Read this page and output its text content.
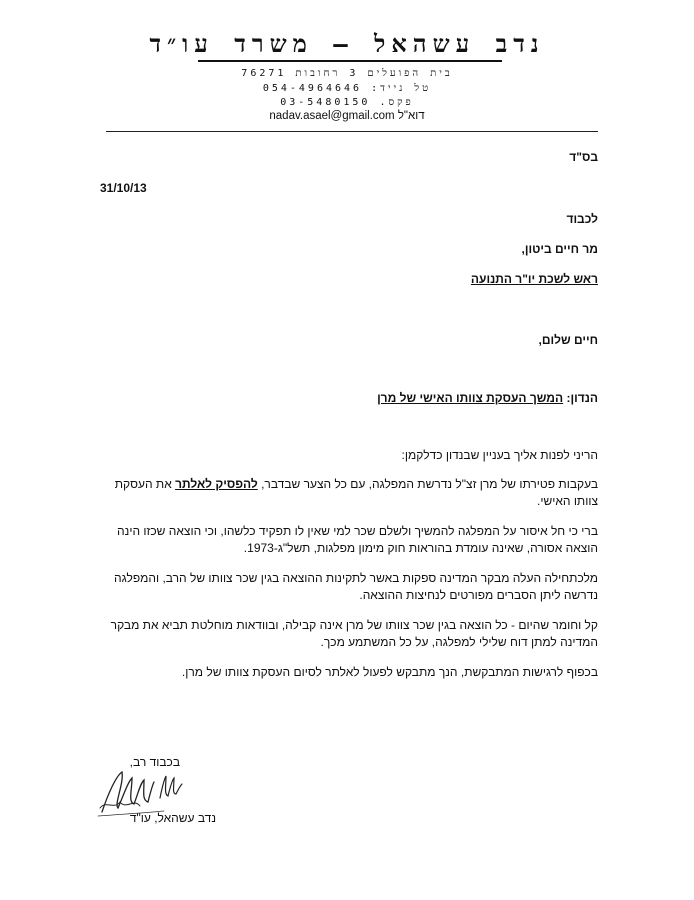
נדב עשהאל – משרד עו״ד
בית הפועלים 3 רחובות 76271
טל נייד: 054-4964646
פקס. 03-5480150
דוא"ל nadav.asael@gmail.com
בס"ד
31/10/13
לכבוד
מר חיים ביטון,
ראש לשכת יו"ר התנועה
חיים שלום,
הנדון: המשך העסקת צוותו האישי של מרן
הריני לפנות אליך בעניין שבנדון כדלקמן:
בעקבות פטירתו של מרן זצ"ל נדרשת המפלגה, עם כל הצער שבדבר, להפסיק לאלתר את העסקת צוותו האישי.
ברי כי חל איסור על המפלגה להמשיך ולשלם שכר למי שאין לו תפקיד כלשהו, וכי הוצאה שכזו הינה הוצאה אסורה, שאינה עומדת בהוראות חוק מימון מפלגות, תשל"ג-1973.
מלכתחילה העלה מבקר המדינה ספקות באשר לתקינות ההוצאה בגין שכר צוותו של הרב, והמפלגה נדרשה ליתן הסברים מפורטים לנחיצות ההוצאה.
קל וחומר שהיום - כל הוצאה בגין שכר צוותו של מרן אינה קבילה, ובוודאות מוחלטת תביא את מבקר המדינה למתן דוח שלילי למפלגה, על כל המשתמע מכך.
בכפוף לרגישות המתבקשת, הנך מתבקש לפעול לאלתר לסיום העסקת צוותו של מרן.
בכבוד רב,
נדב עשהאל, עו"ד
